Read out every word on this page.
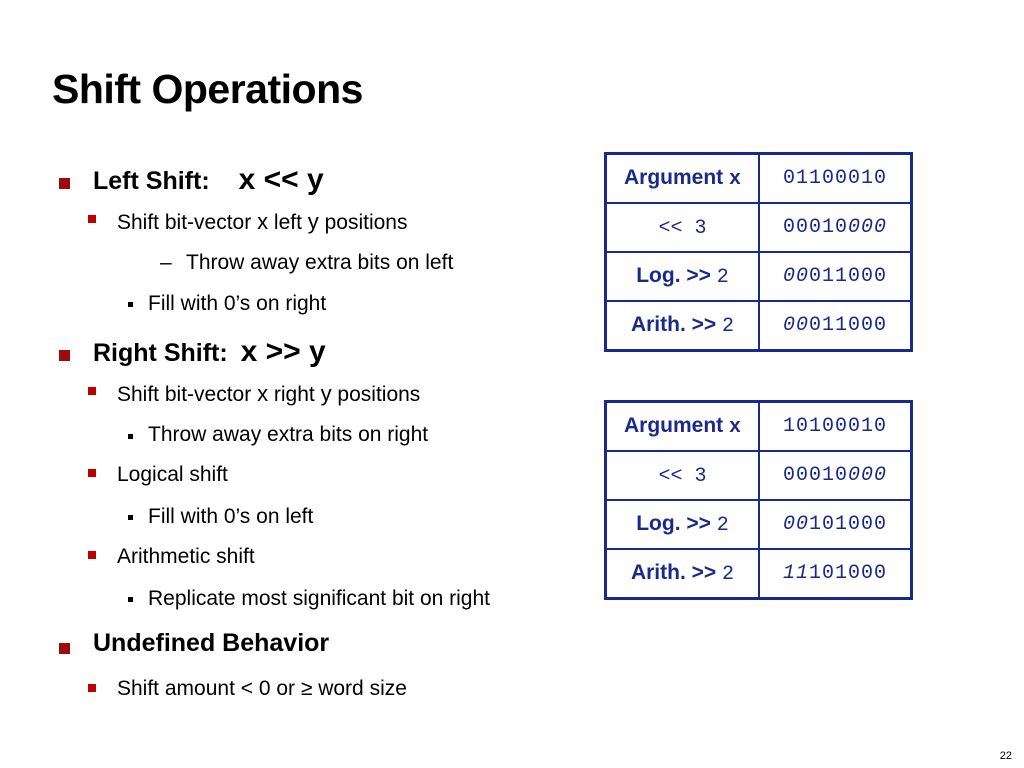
Shift Operations
Left Shift: x << y
Shift bit-vector x left y positions
– Throw away extra bits on left
Fill with 0’s on right
Right Shift: x >> y
Shift bit-vector x right y positions
Throw away extra bits on right
Logical shift
Fill with 0’s on left
Arithmetic shift
Replicate most significant bit on right
Undefined Behavior
Shift amount < 0 or ≥ word size
Argument x	01100010
<< 3	00010000
Log. >> 2	00011000
Arith. >> 2	00011000
Argument x	10100010
<< 3	00010000
Log. >> 2	00101000
Arith. >> 2	11101000
22
